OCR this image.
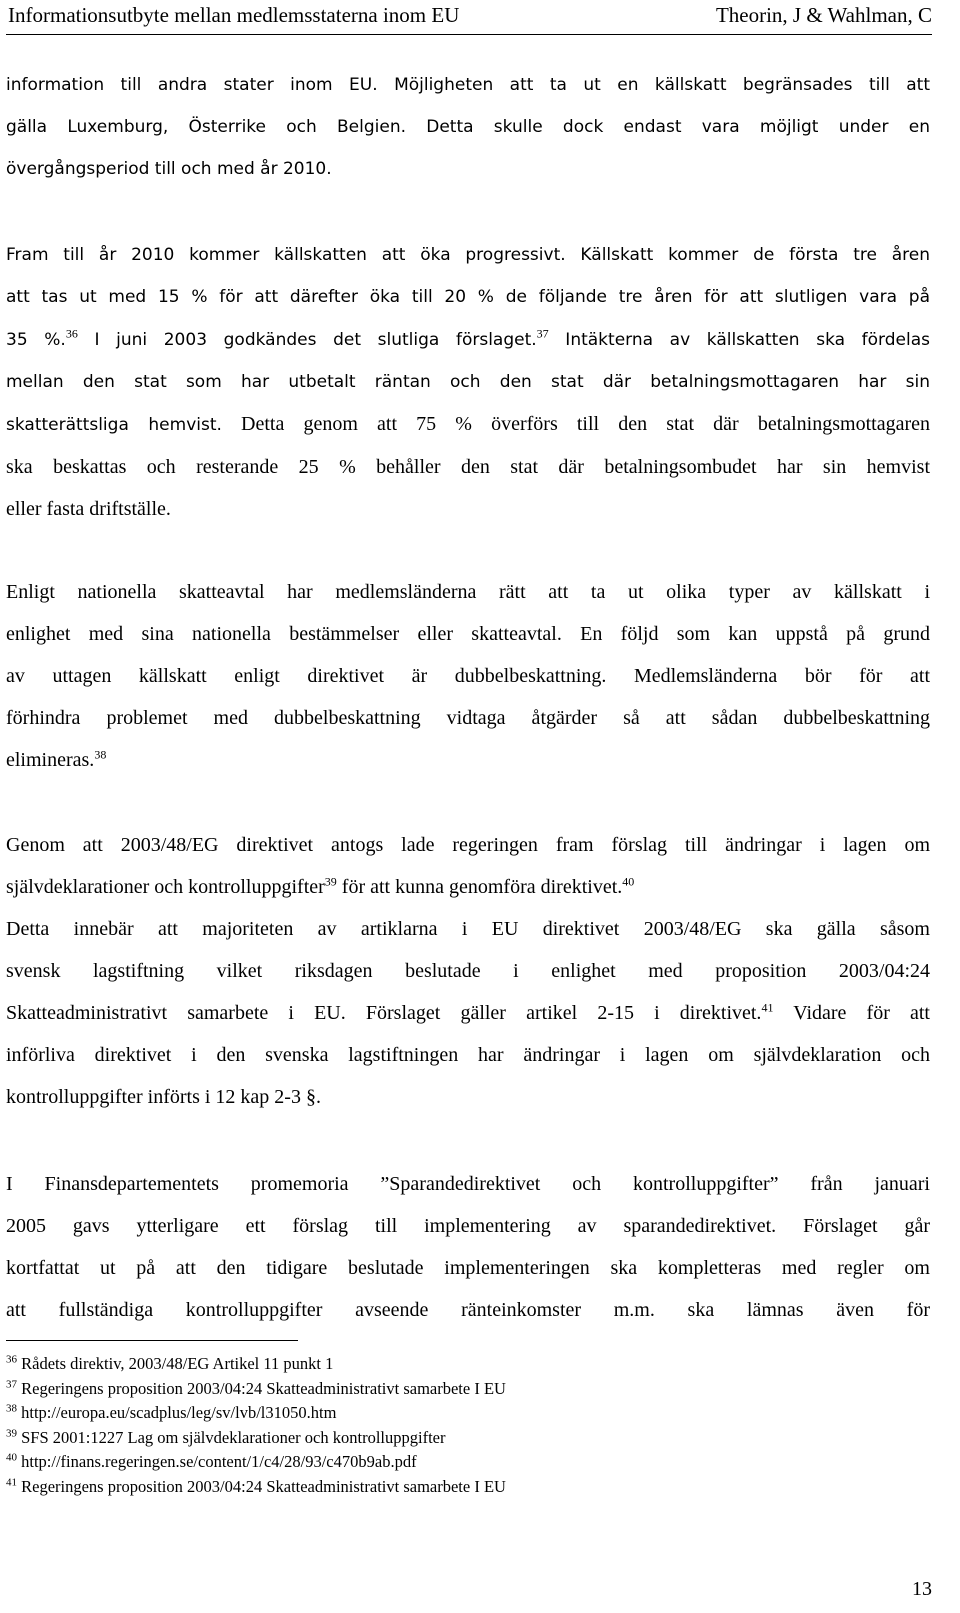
Informationsutbyte mellan medlemsstaterna inom EU	Theorin, J & Wahlman, C
information till andra stater inom EU. Möjligheten att ta ut en källskatt begränsades till att
gälla Luxemburg, Österrike och Belgien. Detta skulle dock endast vara möjligt under en
övergångsperiod till och med år 2010.
Fram till år 2010 kommer källskatten att öka progressivt. Källskatt kommer de första tre åren
att tas ut med 15 % för att därefter öka till 20 % de följande tre åren för att slutligen vara på
35 %.$^{36}$ I juni 2003 godkändes det slutliga förslaget.$^{37}$ Intäkterna av källskatten ska fördelas
mellan den stat som har utbetalt räntan och den stat där betalningsmottagaren har sin
skatterättsliga hemvist. Detta genom att 75 % överförs till den stat där betalningsmottagaren
ska beskattas och resterande 25 % behåller den stat där betalningsombudet har sin hemvist
eller fasta driftställe.
Enligt nationella skatteavtal har medlemsländerna rätt att ta ut olika typer av källskatt i
enlighet med sina nationella bestämmelser eller skatteavtal. En följd som kan uppstå på grund
av uttagen källskatt enligt direktivet är dubbelbeskattning. Medlemsländerna bör för att
förhindra problemet med dubbelbeskattning vidtaga åtgärder så att sådan dubbelbeskattning
elimineras.$^{38}$
Genom att 2003/48/EG direktivet antogs lade regeringen fram förslag till ändringar i lagen om
självdeklarationer och kontrolluppgifter$^{39}$ för att kunna genomföra direktivet.$^{40}$
Detta innebär att majoriteten av artiklarna i EU direktivet 2003/48/EG ska gälla såsom
svensk lagstiftning vilket riksdagen beslutade i enlighet med proposition 2003/04:24
Skatteadministrativt samarbete i EU. Förslaget gäller artikel 2-15 i direktivet.$^{41}$ Vidare för att
införliva direktivet i den svenska lagstiftningen har ändringar i lagen om självdeklaration och
kontrolluppgifter införts i 12 kap 2-3 §.
I Finansdepartementets promemoria ”Sparandedirektivet och kontrolluppgifter” från januari
2005 gavs ytterligare ett förslag till implementering av sparandedirektivet. Förslaget går
kortfattat ut på att den tidigare beslutade implementeringen ska kompletteras med regler om
att fullständiga kontrolluppgifter avseende ränteinkomster m.m. ska lämnas även för
$^{36}$ Rådets direktiv, 2003/48/EG Artikel 11 punkt 1
$^{37}$ Regeringens proposition 2003/04:24 Skatteadministrativt samarbete I EU
$^{38}$ http://europa.eu/scadplus/leg/sv/lvb/l31050.htm
$^{39}$ SFS 2001:1227 Lag om självdeklarationer och kontrolluppgifter
$^{40}$ http://finans.regeringen.se/content/1/c4/28/93/c470b9ab.pdf
$^{41}$ Regeringens proposition 2003/04:24 Skatteadministrativt samarbete I EU
13
